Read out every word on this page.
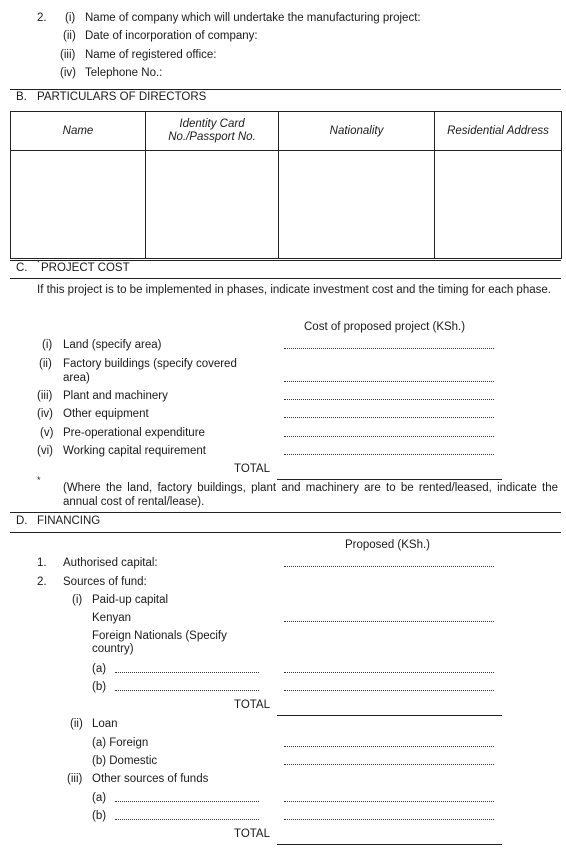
2. (i) Name of company which will undertake the manufacturing project:
(ii) Date of incorporation of company:
(iii) Name of registered office:
(iv) Telephone No.:
B. PARTICULARS OF DIRECTORS
Name	Identity Card No./Passport No.	Nationality	Residential Address

C. ` PROJECT COST
If this project is to be implemented in phases, indicate investment cost and the timing for each phase.
Cost of proposed project (KSh.)
(i) Land (specify area)
(ii) Factory buildings (specify covered area)
(iii) Plant and machinery
(iv) Other equipment
(v) Pre-operational expenditure
(vi) Working capital requirement
TOTAL
*
(Where the land, factory buildings, plant and machinery are to be rented/leased, indicate the annual cost of rental/lease).
D. FINANCING
Proposed (KSh.)
1. Authorised capital:
2. Sources of fund:
(i) Paid-up capital
Kenyan
Foreign Nationals (Specify country)
(a)
(b)
TOTAL
(ii) Loan
(a) Foreign
(b) Domestic
(iii) Other sources of funds
(a)
(b)
TOTAL
